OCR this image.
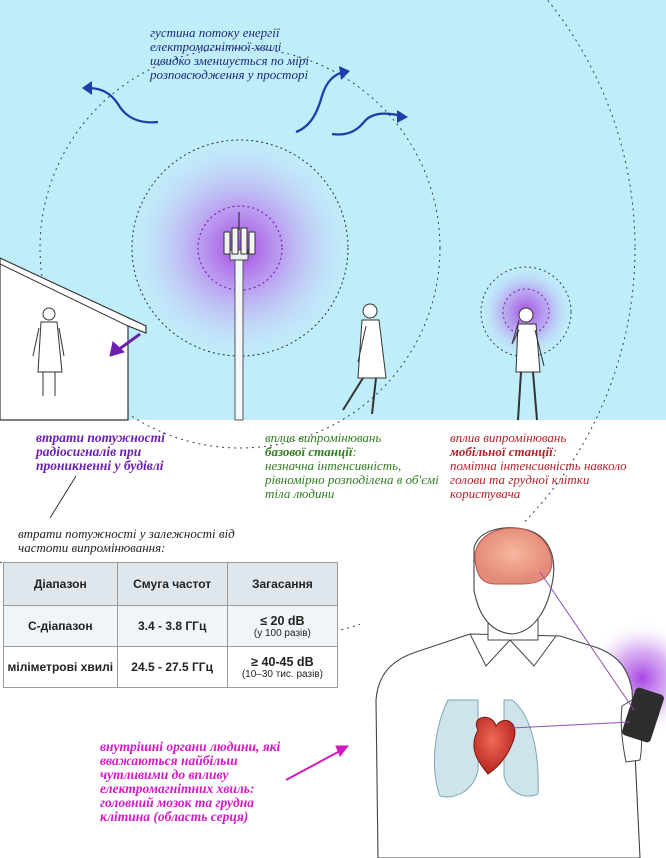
густина потоку енергії електромагнітної хвилі швидко зменшується по мірі розповсюдження у просторі
втрати потужності радіосигналів при проникненні у будівлі
вплив випромінювань
базової станції:
незначна інтенсивність, рівномірно розподілена в об'ємі тіла людини
вплив випромінювань
мобільної станції:
помітна інтенсивність навколо голови та грудної клітки користувача
втрати потужності у залежності від частоти випромінювання:
Діапазон	Смуга частот	Загасання
С-діапазон	3.4 - 3.8 ГГц	≤ 20 dB
(у 100 разів)

міліметрові хвилі	24.5 - 27.5 ГГц	≥ 40-45 dB
(10–30 тис. разів)
внутрішні органи людини, які вважаються найбільш чутливими до впливу електромагнітних хвиль: головний мозок та грудна клітина (область серця)
